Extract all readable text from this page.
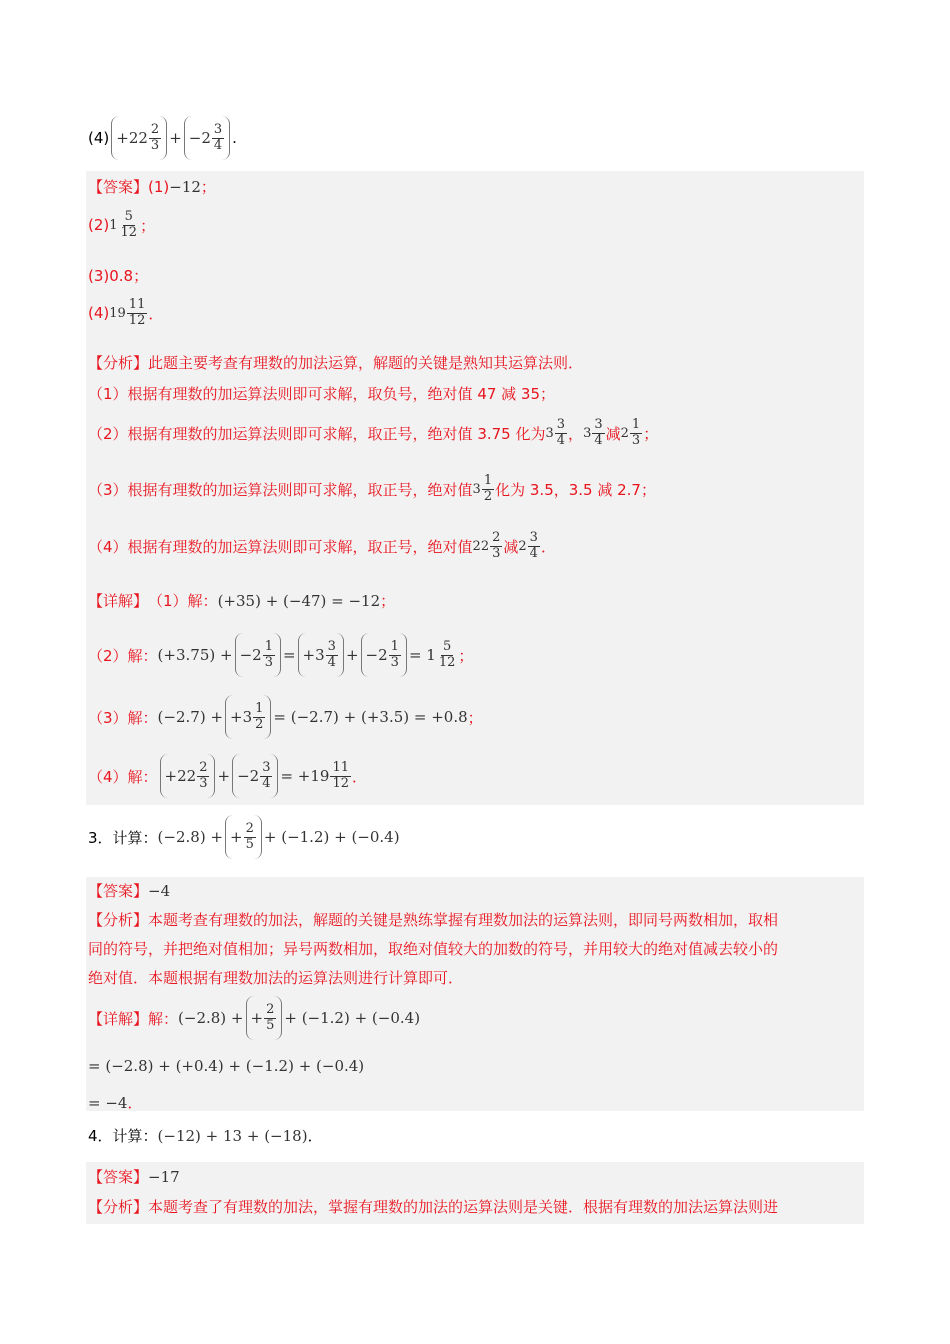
$(4) +22 \frac{2}{3} + -2 \frac{3}{4}$ .
【答案】 (1) −12 ；
(2) $1 \frac{5}{12}$ ；
(3)0.8；
(4) $19 \frac{11}{12}$ ．
【分析】 此题主要考查有理数的加法运算，解题的关键是熟知其运算法则．
（1）根据有理数的加运算法则即可求解，取负号，绝对值 47 减 35；
（2）根据有理数的加运算法则即可求解，取正号，绝对值 3.75 化为 $3 \frac{3}{4}$ ， $3 \frac{3}{4}$ 减 $2 \frac{1}{3}$ ；
（3）根据有理数的加运算法则即可求解，取正号，绝对值 $3 \frac{1}{2}$ 化为 3.5，3.5 减 2.7；
（4）根据有理数的加运算法则即可求解，取正号，绝对值 $22 \frac{2}{3}$ 减 $2 \frac{3}{4}$ ．
【详解】 （1）解： (+35) + (−47) = −12 ；
（2）解： $(+3.75) + -2 \frac{1}{3} = +3 \frac{3}{4} + -2 \frac{1}{3} = 1 \frac{5}{12}$ ；
（3）解： $(-2.7) + +3 \frac{1}{2} = (-2.7) + (+3.5) = +0.8$ ；
（4）解： $+22 \frac{2}{3} + -2 \frac{3}{4} = +19 \frac{11}{12}$ ．
3．计算： (−2.8) + + $\frac{2}{5} + (-1.2) + (-0.4)$
【答案】 −4
【分析】 本题考查有理数的加法，解题的关键是熟练掌握有理数加法的运算法则，即同号两数相加，取相
同的符号，并把绝对值相加；异号两数相加，取绝对值较大的加数的符号，并用较大的绝对值减去较小的
绝对值．本题根据有理数加法的运算法则进行计算即可．
【详解】 解： (−2.8) + + $\frac{2}{5} + (-1.2) + (-0.4)$
= (−2.8) + (+0.4) + (−1.2) + (−0.4)
= −4 ．
4．计算： (−12) + 13 + (−18) ．
【答案】 −17
【分析】 本题考查了有理数的加法，掌握有理数的加法的运算法则是关键．根据有理数的加法运算法则进
